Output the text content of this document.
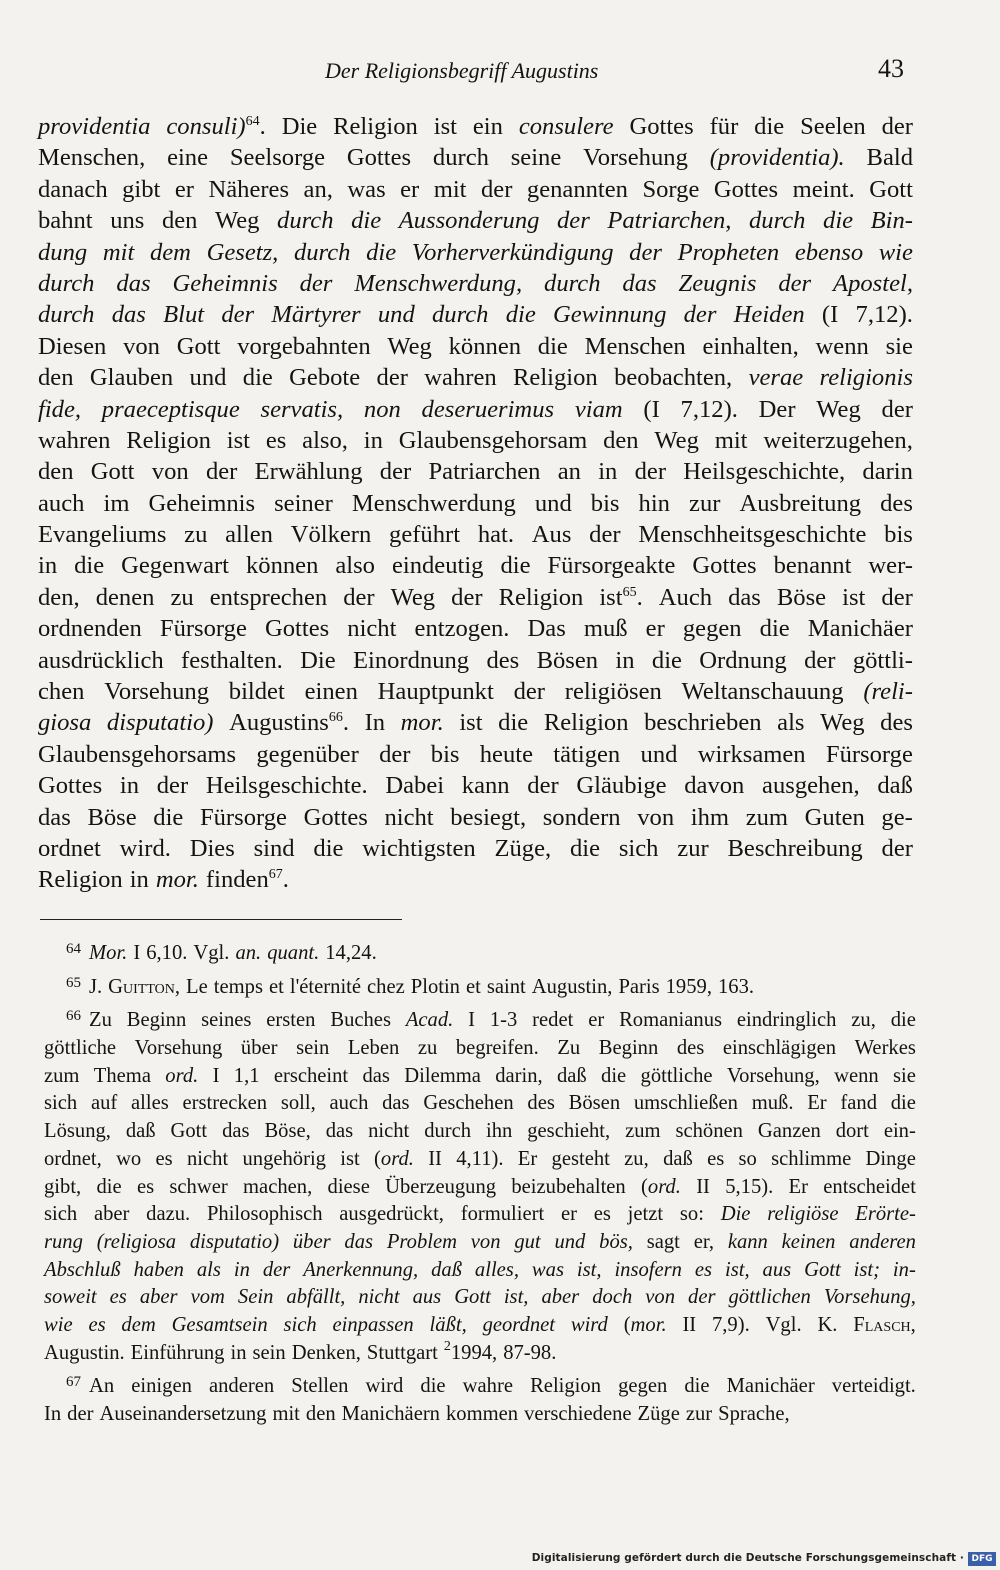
Der Religionsbegriff Augustins	43
providentia consuli)$^{64}$. Die Religion ist ein consulere Gottes für die Seelen der
Menschen, eine Seelsorge Gottes durch seine Vorsehung (providentia). Bald
danach gibt er Näheres an, was er mit der genannten Sorge Gottes meint. Gott
bahnt uns den Weg durch die Aussonderung der Patriarchen, durch die Bin-
dung mit dem Gesetz, durch die Vorherverkündigung der Propheten ebenso wie
durch das Geheimnis der Menschwerdung, durch das Zeugnis der Apostel,
durch das Blut der Märtyrer und durch die Gewinnung der Heiden (I 7,12).
Diesen von Gott vorgebahnten Weg können die Menschen einhalten, wenn sie
den Glauben und die Gebote der wahren Religion beobachten, verae religionis
fide, praeceptisque servatis, non deseruerimus viam (I 7,12). Der Weg der
wahren Religion ist es also, in Glaubensgehorsam den Weg mit weiterzugehen,
den Gott von der Erwählung der Patriarchen an in der Heilsgeschichte, darin
auch im Geheimnis seiner Menschwerdung und bis hin zur Ausbreitung des
Evangeliums zu allen Völkern geführt hat. Aus der Menschheitsgeschichte bis
in die Gegenwart können also eindeutig die Fürsorgeakte Gottes benannt wer-
den, denen zu entsprechen der Weg der Religion ist$^{65}$. Auch das Böse ist der
ordnenden Fürsorge Gottes nicht entzogen. Das muß er gegen die Manichäer
ausdrücklich festhalten. Die Einordnung des Bösen in die Ordnung der göttli-
chen Vorsehung bildet einen Hauptpunkt der religiösen Weltanschauung (reli-
giosa disputatio) Augustins$^{66}$. In mor. ist die Religion beschrieben als Weg des
Glaubensgehorsams gegenüber der bis heute tätigen und wirksamen Fürsorge
Gottes in der Heilsgeschichte. Dabei kann der Gläubige davon ausgehen, daß
das Böse die Fürsorge Gottes nicht besiegt, sondern von ihm zum Guten ge-
ordnet wird. Dies sind die wichtigsten Züge, die sich zur Beschreibung der
Religion in mor. finden$^{67}$.
64 Mor. I 6,10. Vgl. an. quant. 14,24.
65 J. Guitton, Le temps et l'éternité chez Plotin et saint Augustin, Paris 1959, 163.
66 Zu Beginn seines ersten Buches Acad. I 1-3 redet er Romanianus eindringlich zu, die
göttliche Vorsehung über sein Leben zu begreifen. Zu Beginn des einschlägigen Werkes
zum Thema ord. I 1,1 erscheint das Dilemma darin, daß die göttliche Vorsehung, wenn sie
sich auf alles erstrecken soll, auch das Geschehen des Bösen umschließen muß. Er fand die
Lösung, daß Gott das Böse, das nicht durch ihn geschieht, zum schönen Ganzen dort ein-
ordnet, wo es nicht ungehörig ist (ord. II 4,11). Er gesteht zu, daß es so schlimme Dinge
gibt, die es schwer machen, diese Überzeugung beizubehalten (ord. II 5,15). Er entscheidet
sich aber dazu. Philosophisch ausgedrückt, formuliert er es jetzt so: Die religiöse Erörte-
rung (religiosa disputatio) über das Problem von gut und bös, sagt er, kann keinen anderen
Abschluß haben als in der Anerkennung, daß alles, was ist, insofern es ist, aus Gott ist; in-
soweit es aber vom Sein abfällt, nicht aus Gott ist, aber doch von der göttlichen Vorsehung,
wie es dem Gesamtsein sich einpassen läßt, geordnet wird (mor. II 7,9). Vgl. K. Flasch,
Augustin. Einführung in sein Denken, Stuttgart $^2$1994, 87-98.
67 An einigen anderen Stellen wird die wahre Religion gegen die Manichäer verteidigt.
In der Auseinandersetzung mit den Manichäern kommen verschiedene Züge zur Sprache,
Digitalisierung gefördert durch die Deutsche Forschungsgemeinschaft · DFG
